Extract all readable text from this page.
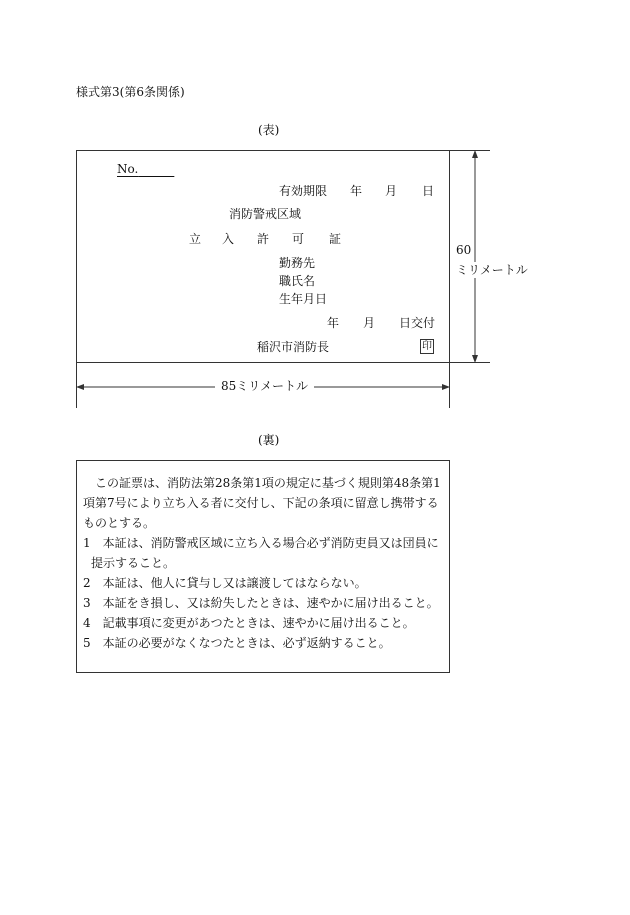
様式第3(第6条関係)
(表)
No.   
有効期限 年 月 日
消防警戒区域
立 入 許 可 証
勤務先
職氏名
生年月日
年 月 日交付
稲沢市消防長	印
60
ミリメートル
85ミリメートル
(裏)

この証票は、消防法第28条第1項の規定に基づく規則第48条第1項第7号により立ち入る者に交付し、下記の条項に留意し携帯するものとする。

1　本証は、消防警戒区域に立ち入る場合必ず消防吏員又は団員に提示すること。

2　本証は、他人に貸与し又は譲渡してはならない。

3　本証をき損し、又は紛失したときは、速やかに届け出ること。

4　記載事項に変更があつたときは、速やかに届け出ること。

5　本証の必要がなくなつたときは、必ず返納すること。
